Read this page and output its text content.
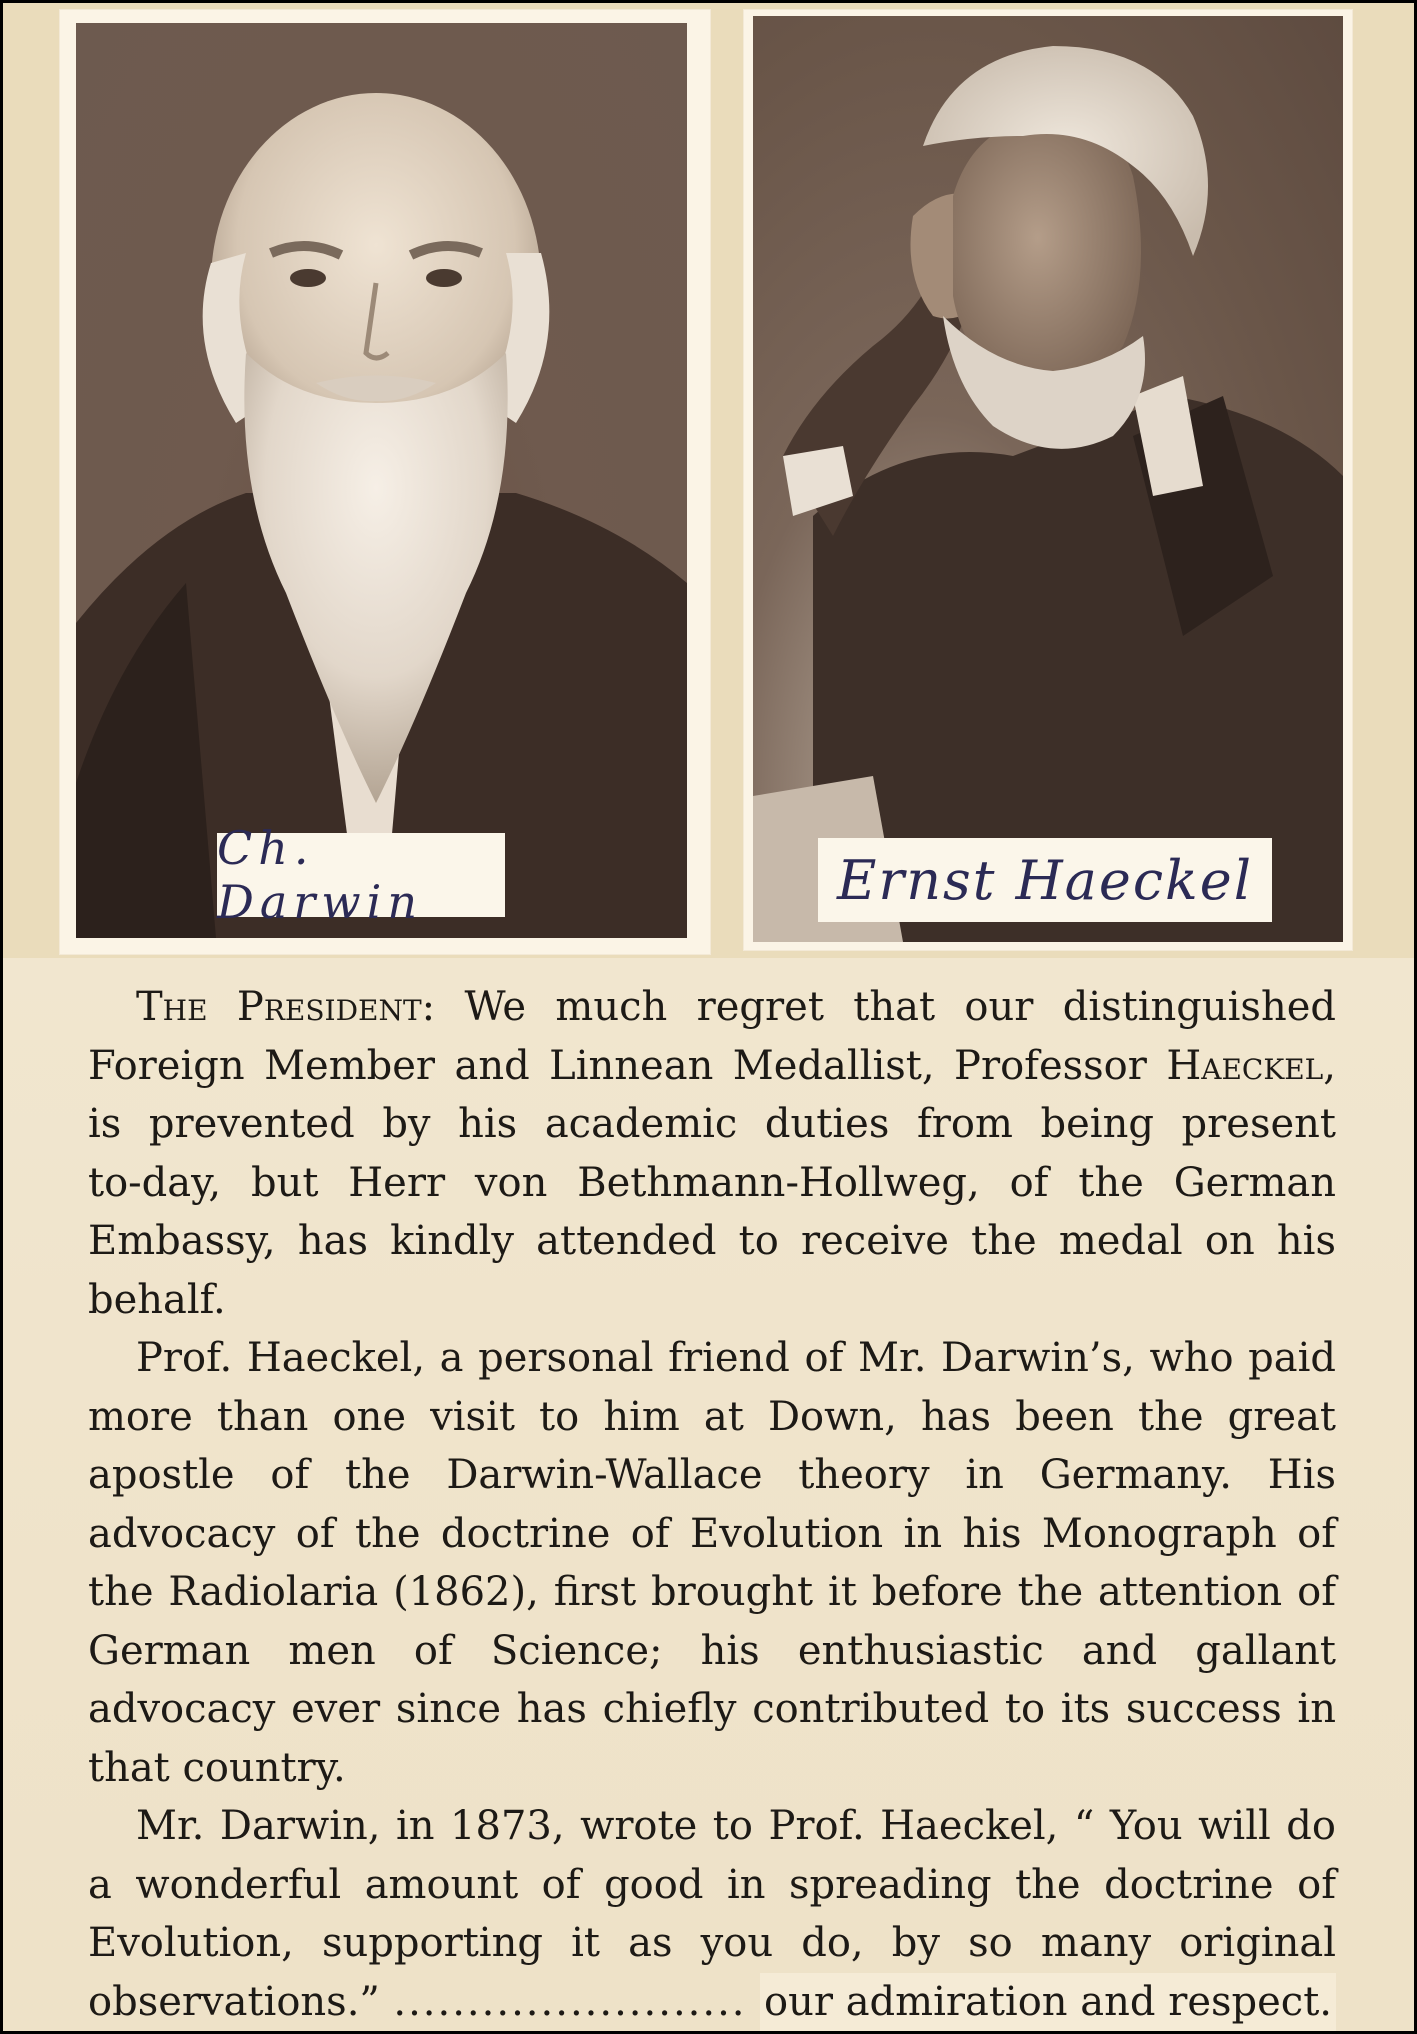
Ch. Darwin	Ernst Haeckel
The President: We much regret that our distinguished
Foreign Member and Linnean Medallist, Professor Haeckel,
is prevented by his academic duties from being present
to-day, but Herr von Bethmann-Hollweg, of the German
Embassy, has kindly attended to receive the medal on his
behalf.
Prof. Haeckel, a personal friend of Mr. Darwin’s, who paid
more than one visit to him at Down, has been the great
apostle of the Darwin-Wallace theory in Germany. His
advocacy of the doctrine of Evolution in his Monograph of
the Radiolaria (1862), first brought it before the attention of
German men of Science; his enthusiastic and gallant
advocacy ever since has chiefly contributed to its success in
that country.
Mr. Darwin, in 1873, wrote to Prof. Haeckel, “ You will do
a wonderful amount of good in spreading the doctrine of
Evolution, supporting it as you do, by so many original
observations.” ........................ our admiration and respect.
